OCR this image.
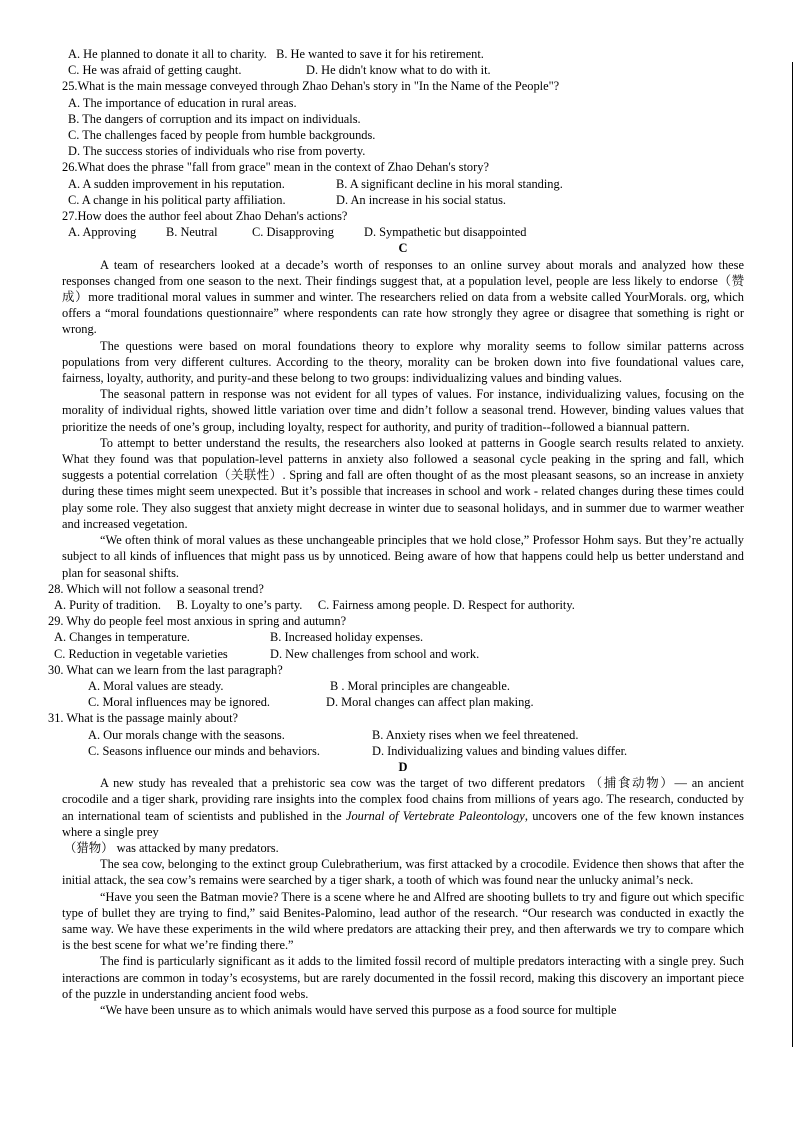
A. He planned to donate it all to charity. B. He wanted to save it for his retirement.
C. He was afraid of getting caught.	D. He didn't know what to do with it.
25.What is the main message conveyed through Zhao Dehan's story in "In the Name of the People"?
A. The importance of education in rural areas.
B. The dangers of corruption and its impact on individuals.
C. The challenges faced by people from humble backgrounds.
D. The success stories of individuals who rise from poverty.
26.What does the phrase "fall from grace" mean in the context of Zhao Dehan's story?
A. A sudden improvement in his reputation.	B. A significant decline in his moral standing.
C. A change in his political party affiliation.	D. An increase in his social status.
27.How does the author feel about Zhao Dehan's actions?
A. Approving B. Neutral	C. Disapproving D. Sympathetic but disappointed
C

A team of researchers looked at a decade’s worth of responses to an online survey about morals and analyzed how these responses changed from one season to the next. Their findings suggest that, at a population level, people are less likely to endorse（赞成）more traditional moral values in summer and winter. The researchers relied on data from a website called YourMorals. org, which offers a “moral foundations questionnaire” where respondents can rate how strongly they agree or disagree that something is right or wrong.

The questions were based on moral foundations theory to explore why morality seems to follow similar patterns across populations from very different cultures. According to the theory, morality can be broken down into five foundational values care, fairness, loyalty, authority, and purity-and these belong to two groups: individualizing values and binding values.

The seasonal pattern in response was not evident for all types of values. For instance, individualizing values, focusing on the morality of individual rights, showed little variation over time and didn’t follow a seasonal trend. However, binding values values that prioritize the needs of one’s group, including loyalty, respect for authority, and purity of tradition--followed a biannual pattern.

To attempt to better understand the results, the researchers also looked at patterns in Google search results related to anxiety. What they found was that population-level patterns in anxiety also followed a seasonal cycle peaking in the spring and fall, which suggests a potential correlation（关联性）. Spring and fall are often thought of as the most pleasant seasons, so an increase in anxiety during these times might seem unexpected. But it’s possible that increases in school and work - related changes during these times could play some role. They also suggest that anxiety might decrease in winter due to seasonal holidays, and in summer due to warmer weather and increased vegetation.

“We often think of moral values as these unchangeable principles that we hold close,” Professor Hohm says. But they’re actually subject to all kinds of influences that might pass us by unnoticed. Being aware of how that happens could help us better understand and plan for seasonal shifts.

28. Which will not follow a seasonal trend?
A. Purity of tradition. B. Loyalty to one’s party. C. Fairness among people. D. Respect for authority.
29. Why do people feel most anxious in spring and autumn?
A. Changes in temperature.	B. Increased holiday expenses.
C. Reduction in vegetable varieties	D. New challenges from school and work.
30. What can we learn from the last paragraph?
A. Moral values are steady.	B . Moral principles are changeable.
C. Moral influences may be ignored.	D. Moral changes can affect plan making.
31. What is the passage mainly about?
A. Our morals change with the seasons.	B. Anxiety rises when we feel threatened.
C. Seasons influence our minds and behaviors.	D. Individualizing values and binding values differ.
D

A new study has revealed that a prehistoric sea cow was the target of two different predators （捕食动物）— an ancient crocodile and a tiger shark, providing rare insights into the complex food chains from millions of years ago. The research, conducted by an international team of scientists and published in the Journal of Vertebrate Paleontology, uncovers one of the few known instances where a single prey

（猎物） was attacked by many predators.

The sea cow, belonging to the extinct group Culebratherium, was first attacked by a crocodile. Evidence then shows that after the initial attack, the sea cow’s remains were searched by a tiger shark, a tooth of which was found near the unlucky animal’s neck.

“Have you seen the Batman movie? There is a scene where he and Alfred are shooting bullets to try and figure out which specific type of bullet they are trying to find,” said Benites-Palomino, lead author of the research. “Our research was conducted in exactly the same way. We have these experiments in the wild where predators are attacking their prey, and then afterwards we try to compare which is the best scene for what we’re finding there.”

The find is particularly significant as it adds to the limited fossil record of multiple predators interacting with a single prey. Such interactions are common in today’s ecosystems, but are rarely documented in the fossil record, making this discovery an important piece of the puzzle in understanding ancient food webs.

“We have been unsure as to which animals would have served this purpose as a food source for multiple
